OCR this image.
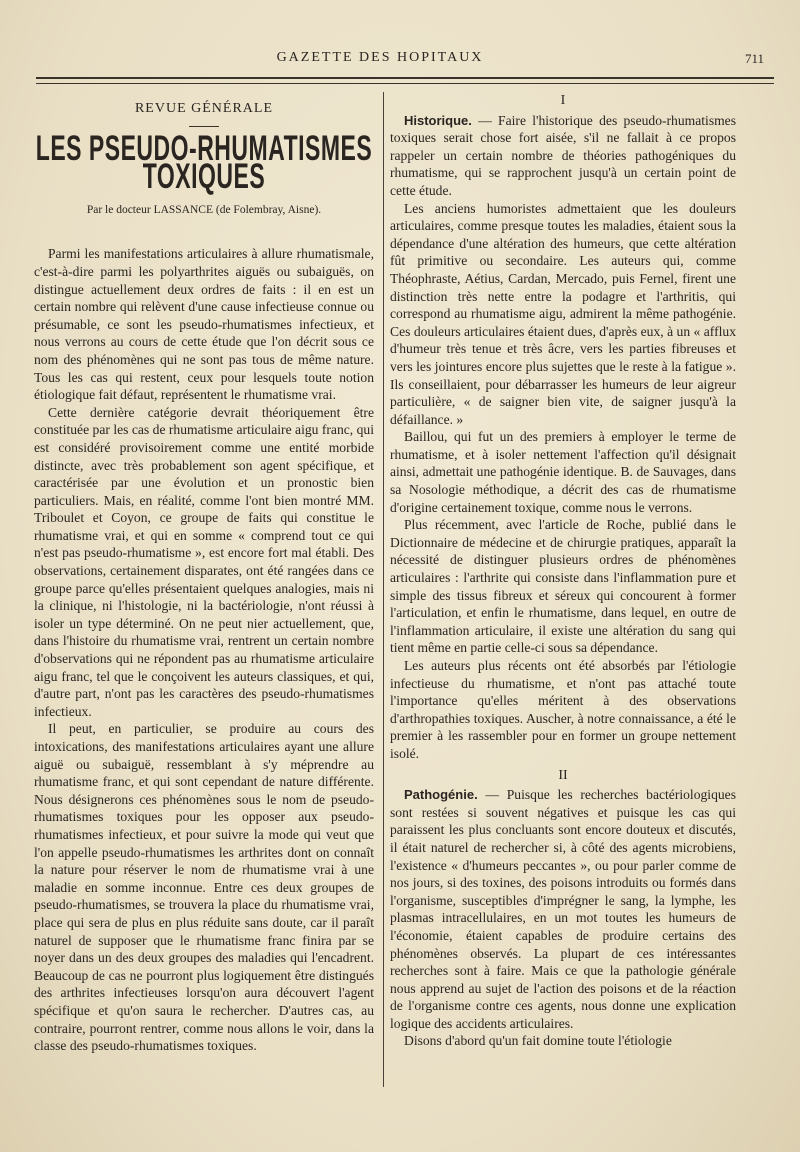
GAZETTE DES HOPITAUX	711
REVUE GÉNÉRALE
LES PSEUDO-RHUMATISMES TOXIQUES
Par le docteur LASSANCE (de Folembray, Aisne).

Parmi les manifestations articulaires à allure rhumatismale, c'est-à-dire parmi les polyarthrites aiguës ou subaiguës, on distingue actuellement deux ordres de faits : il en est un certain nombre qui relèvent d'une cause infectieuse connue ou présumable, ce sont les pseudo-rhumatismes infectieux, et nous verrons au cours de cette étude que l'on décrit sous ce nom des phénomènes qui ne sont pas tous de même nature. Tous les cas qui restent, ceux pour lesquels toute notion étiologique fait défaut, représentent le rhumatisme vrai.

Cette dernière catégorie devrait théoriquement être constituée par les cas de rhumatisme articulaire aigu franc, qui est considéré provisoirement comme une entité morbide distincte, avec très probablement son agent spécifique, et caractérisée par une évolution et un pronostic bien particuliers. Mais, en réalité, comme l'ont bien montré MM. Triboulet et Coyon, ce groupe de faits qui constitue le rhumatisme vrai, et qui en somme « comprend tout ce qui n'est pas pseudo-rhumatisme », est encore fort mal établi. Des observations, certainement disparates, ont été rangées dans ce groupe parce qu'elles présentaient quelques analogies, mais ni la clinique, ni l'histologie, ni la bactériologie, n'ont réussi à isoler un type déterminé. On ne peut nier actuellement, que, dans l'histoire du rhumatisme vrai, rentrent un certain nombre d'observations qui ne répondent pas au rhumatisme articulaire aigu franc, tel que le conçoivent les auteurs classiques, et qui, d'autre part, n'ont pas les caractères des pseudo-rhumatismes infectieux.

Il peut, en particulier, se produire au cours des intoxications, des manifestations articulaires ayant une allure aiguë ou subaiguë, ressemblant à s'y méprendre au rhumatisme franc, et qui sont cependant de nature différente. Nous désignerons ces phénomènes sous le nom de pseudo-rhumatismes toxiques pour les opposer aux pseudo-rhumatismes infectieux, et pour suivre la mode qui veut que l'on appelle pseudo-rhumatismes les arthrites dont on connaît la nature pour réserver le nom de rhumatisme vrai à une maladie en somme inconnue. Entre ces deux groupes de pseudo-rhumatismes, se trouvera la place du rhumatisme vrai, place qui sera de plus en plus réduite sans doute, car il paraît naturel de supposer que le rhumatisme franc finira par se noyer dans un des deux groupes des maladies qui l'encadrent. Beaucoup de cas ne pourront plus logiquement être distingués des arthrites infectieuses lorsqu'on aura découvert l'agent spécifique et qu'on saura le rechercher. D'autres cas, au contraire, pourront rentrer, comme nous allons le voir, dans la classe des pseudo-rhumatismes toxiques.

I

Historique. — Faire l'historique des pseudo-rhumatismes toxiques serait chose fort aisée, s'il ne fallait à ce propos rappeler un certain nombre de théories pathogéniques du rhumatisme, qui se rapprochent jusqu'à un certain point de cette étude.

Les anciens humoristes admettaient que les douleurs articulaires, comme presque toutes les maladies, étaient sous la dépendance d'une altération des humeurs, que cette altération fût primitive ou secondaire. Les auteurs qui, comme Théophraste, Aétius, Cardan, Mercado, puis Fernel, firent une distinction très nette entre la podagre et l'arthritis, qui correspond au rhumatisme aigu, admirent la même pathogénie. Ces douleurs articulaires étaient dues, d'après eux, à un « afflux d'humeur très tenue et très âcre, vers les parties fibreuses et vers les jointures encore plus sujettes que le reste à la fatigue ». Ils conseillaient, pour débarrasser les humeurs de leur aigreur particulière, « de saigner bien vite, de saigner jusqu'à la défaillance. »

Baillou, qui fut un des premiers à employer le terme de rhumatisme, et à isoler nettement l'affection qu'il désignait ainsi, admettait une pathogénie identique. B. de Sauvages, dans sa Nosologie méthodique, a décrit des cas de rhumatisme d'origine certainement toxique, comme nous le verrons.

Plus récemment, avec l'article de Roche, publié dans le Dictionnaire de médecine et de chirurgie pratiques, apparaît la nécessité de distinguer plusieurs ordres de phénomènes articulaires : l'arthrite qui consiste dans l'inflammation pure et simple des tissus fibreux et séreux qui concourent à former l'articulation, et enfin le rhumatisme, dans lequel, en outre de l'inflammation articulaire, il existe une altération du sang qui tient même en partie celle-ci sous sa dépendance.

Les auteurs plus récents ont été absorbés par l'étiologie infectieuse du rhumatisme, et n'ont pas attaché toute l'importance qu'elles méritent à des observations d'arthropathies toxiques. Auscher, à notre connaissance, a été le premier à les rassembler pour en former un groupe nettement isolé.

II

Pathogénie. — Puisque les recherches bactériologiques sont restées si souvent négatives et puisque les cas qui paraissent les plus concluants sont encore douteux et discutés, il était naturel de rechercher si, à côté des agents microbiens, l'existence « d'humeurs peccantes », ou pour parler comme de nos jours, si des toxines, des poisons introduits ou formés dans l'organisme, susceptibles d'imprégner le sang, la lymphe, les plasmas intracellulaires, en un mot toutes les humeurs de l'économie, étaient capables de produire certains des phénomènes observés. La plupart de ces intéressantes recherches sont à faire. Mais ce que la pathologie générale nous apprend au sujet de l'action des poisons et de la réaction de l'organisme contre ces agents, nous donne une explication logique des accidents articulaires.

Disons d'abord qu'un fait domine toute l'étiologie
